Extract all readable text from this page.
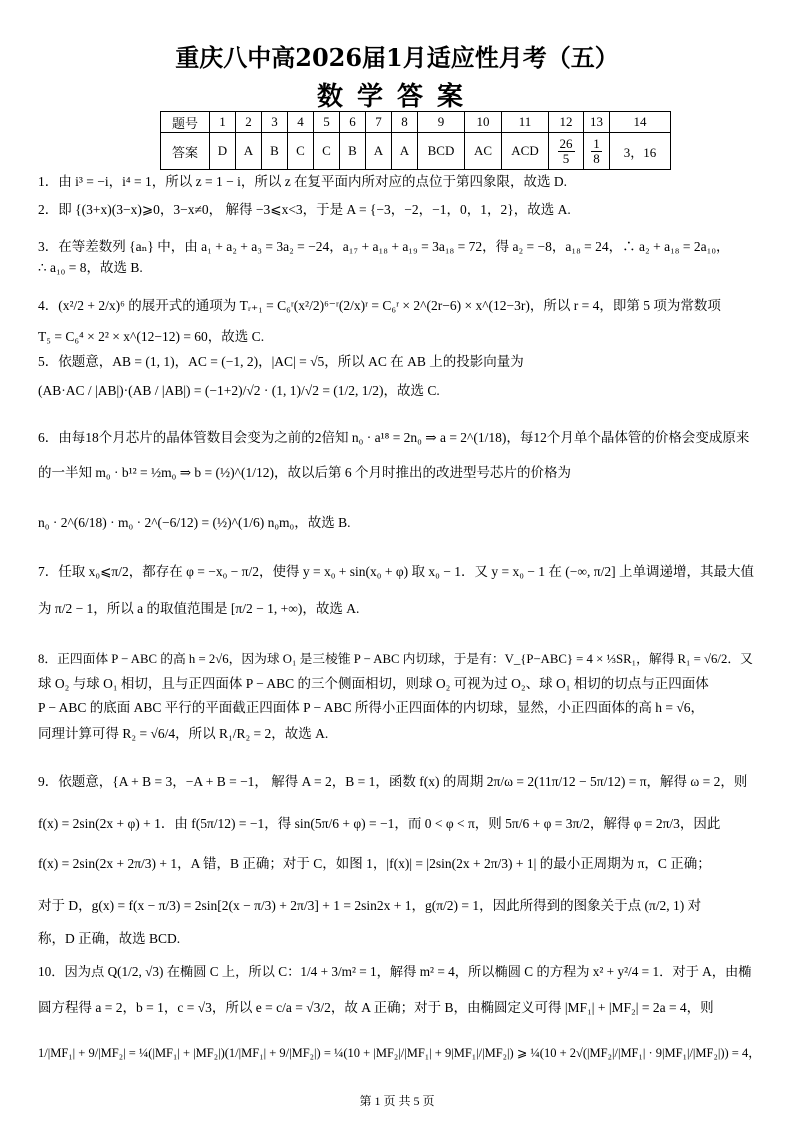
重庆八中高2026届1月适应性月考（五）
数学答案
题号	1	2	3	4	5	6	7	8	9	10	11	12	13	14
答案	D	A	B	C	C	B	A	A	BCD	AC	ACD	$\frac{26}{5}$	$\frac{1}{8}$	3，16
1．由 i³ = −i，i⁴ = 1，所以 z = 1 − i，所以 z 在复平面内所对应的点位于第四象限，故选 D.
2．即 {(3+x)(3−x)⩾0，3−x≠0， 解得 −3⩽x<3，于是 A = {−3，−2，−1，0，1，2}，故选 A.
3．在等差数列 {aₙ} 中，由 a₁ + a₂ + a₃ = 3a₂ = −24，a₁₇ + a₁₈ + a₁₉ = 3a₁₈ = 72，得 a₂ = −8，a₁₈ = 24，∴ a₂ + a₁₈ = 2a₁₀，
∴ a₁₀ = 8，故选 B.
4．(x²/2 + 2/x)⁶ 的展开式的通项为 Tᵣ₊₁ = C₆ʳ(x²/2)⁶⁻ʳ(2/x)ʳ = C₆ʳ × 2^(2r−6) × x^(12−3r)，所以 r = 4，即第 5 项为常数项
T₅ = C₆⁴ × 2² × x^(12−12) = 60，故选 C.
5．依题意，AB = (1, 1)，AC = (−1, 2)，|AC| = √5，所以 AC 在 AB 上的投影向量为
(AB·AC / |AB|)·(AB / |AB|) = (−1+2)/√2 · (1, 1)/√2 = (1/2, 1/2)，故选 C.
6．由每18个月芯片的晶体管数目会变为之前的2倍知 n₀ · a¹⁸ = 2n₀ ⇒ a = 2^(1/18)，每12个月单个晶体管的价格会变成原来
的一半知 m₀ · b¹² = ½m₀ ⇒ b = (½)^(1/12)，故以后第 6 个月时推出的改进型号芯片的价格为
n₀ · 2^(6/18) · m₀ · 2^(−6/12) = (½)^(1/6) n₀m₀，故选 B.
7．任取 x₀⩽π/2，都存在 φ = −x₀ − π/2，使得 y = x₀ + sin(x₀ + φ) 取 x₀ − 1．又 y = x₀ − 1 在 (−∞, π/2] 上单调递增，其最大值
为 π/2 − 1，所以 a 的取值范围是 [π/2 − 1, +∞)，故选 A.
8．正四面体 P − ABC 的高 h = 2√6，因为球 O₁ 是三棱锥 P − ABC 内切球，于是有：V_{P−ABC} = 4 × ⅓SR₁，解得 R₁ = √6/2．又
球 O₂ 与球 O₁ 相切，且与正四面体 P − ABC 的三个侧面相切，则球 O₂ 可视为过 O₂、球 O₁ 相切的切点与正四面体
P − ABC 的底面 ABC 平行的平面截正四面体 P − ABC 所得小正四面体的内切球，显然，小正四面体的高 h = √6，
同理计算可得 R₂ = √6/4，所以 R₁/R₂ = 2，故选 A.
9．依题意，{A + B = 3，−A + B = −1， 解得 A = 2，B = 1，函数 f(x) 的周期 2π/ω = 2(11π/12 − 5π/12) = π，解得 ω = 2，则
f(x) = 2sin(2x + φ) + 1．由 f(5π/12) = −1，得 sin(5π/6 + φ) = −1，而 0 < φ < π，则 5π/6 + φ = 3π/2，解得 φ = 2π/3，因此
f(x) = 2sin(2x + 2π/3) + 1，A 错，B 正确；对于 C，如图 1，|f(x)| = |2sin(2x + 2π/3) + 1| 的最小正周期为 π，C 正确；
对于 D，g(x) = f(x − π/3) = 2sin[2(x − π/3) + 2π/3] + 1 = 2sin2x + 1，g(π/2) = 1，因此所得到的图象关于点 (π/2, 1) 对
称，D 正确，故选 BCD.
10．因为点 Q(1/2, √3) 在椭圆 C 上，所以 C：1/4 + 3/m² = 1，解得 m² = 4，所以椭圆 C 的方程为 x² + y²/4 = 1．对于 A，由椭
圆方程得 a = 2，b = 1，c = √3，所以 e = c/a = √3/2，故 A 正确；对于 B，由椭圆定义可得 |MF₁| + |MF₂| = 2a = 4，则
1/|MF₁| + 9/|MF₂| = ¼(|MF₁| + |MF₂|)(1/|MF₁| + 9/|MF₂|) = ¼(10 + |MF₂|/|MF₁| + 9|MF₁|/|MF₂|) ⩾ ¼(10 + 2√(|MF₂|/|MF₁| · 9|MF₁|/|MF₂|)) = 4，
第 1 页 共 5 页
